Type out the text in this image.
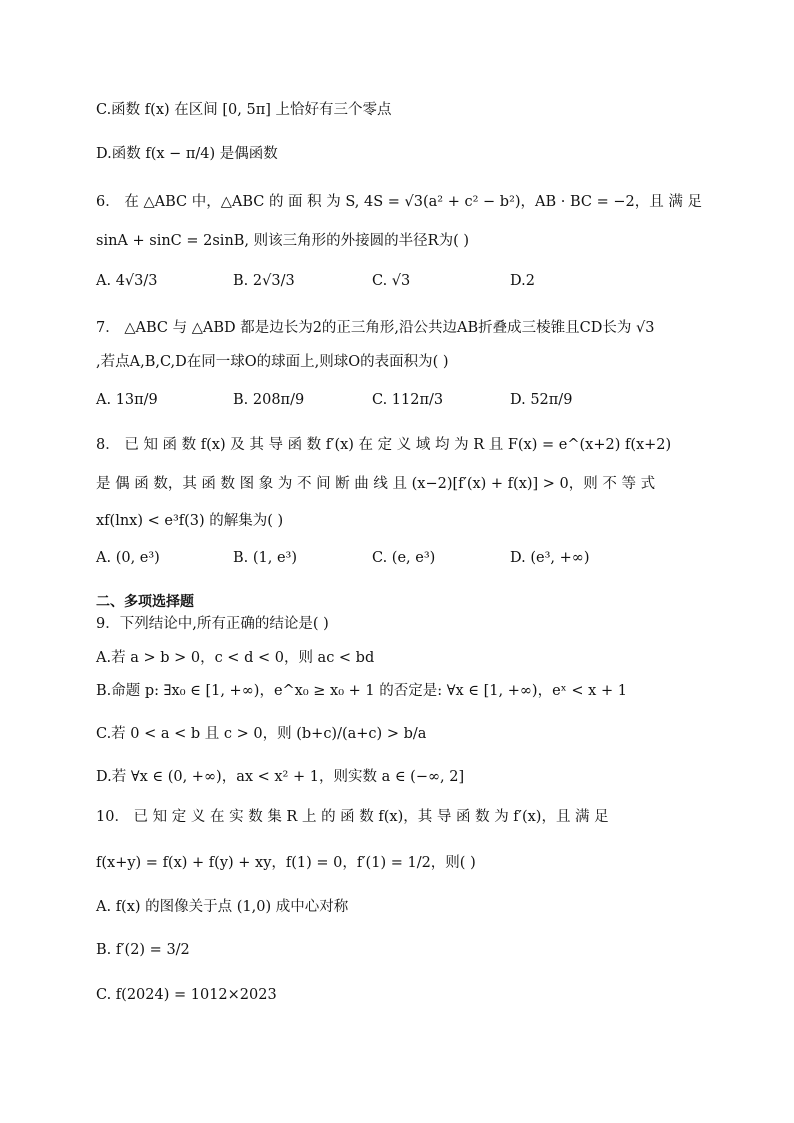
C.函数 f(x) 在区间 [0, 5π] 上恰好有三个零点
D.函数 f(x − π/4) 是偶函数
6． 在 △ABC 中，△ABC 的 面 积 为 S, 4S = √3(a² + c² − b²)，AB · BC = −2，且 满 足
sinA + sinC = 2sinB, 则该三角形的外接圆的半径R为( )
A. 4√3/3	B. 2√3/3	C. √3	D.2
7． △ABC 与 △ABD 都是边长为2的正三角形,沿公共边AB折叠成三棱锥且CD长为 √3
,若点A,B,C,D在同一球O的球面上,则球O的表面积为( )
A. 13π/9	B. 208π/9	C. 112π/3	D. 52π/9
8． 已 知 函 数 f(x) 及 其 导 函 数 f′(x) 在 定 义 域 均 为 R 且 F(x) = e^(x+2) f(x+2)
是 偶 函 数，其 函 数 图 象 为 不 间 断 曲 线 且 (x−2)[f′(x) + f(x)] > 0，则 不 等 式
xf(lnx) < e³f(3) 的解集为( )
A. (0, e³)	B. (1, e³)	C. (e, e³)	D. (e³, +∞)
二、多项选择题
9．下列结论中,所有正确的结论是( )
A.若 a > b > 0，c < d < 0，则 ac < bd
B.命题 p: ∃x₀ ∈ [1, +∞)，e^x₀ ≥ x₀ + 1 的否定是: ∀x ∈ [1, +∞)，eˣ < x + 1
C.若 0 < a < b 且 c > 0，则 (b+c)/(a+c) > b/a
D.若 ∀x ∈ (0, +∞)，ax < x² + 1，则实数 a ∈ (−∞, 2]
10． 已 知 定 义 在 实 数 集 R 上 的 函 数 f(x)，其 导 函 数 为 f′(x)，且 满 足
f(x+y) = f(x) + f(y) + xy，f(1) = 0，f′(1) = 1/2，则( )
A. f(x) 的图像关于点 (1,0) 成中心对称
B. f′(2) = 3/2
C. f(2024) = 1012×2023
